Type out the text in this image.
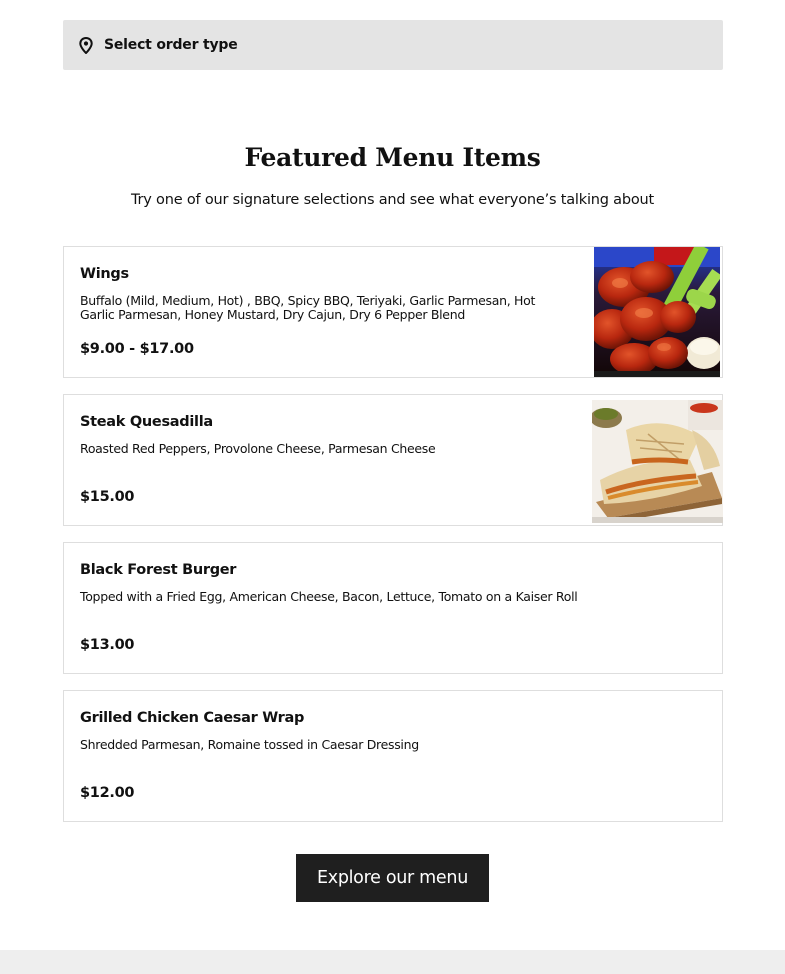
Select order type
Featured Menu Items

Try one of our signature selections and see what everyone’s talking about

Wings
Buffalo (Mild, Medium, Hot) , BBQ, Spicy BBQ, Teriyaki, Garlic Parmesan, Hot Garlic Parmesan, Honey Mustard, Dry Cajun, Dry 6 Pepper Blend
$9.00 - $17.00
Steak Quesadilla
Roasted Red Peppers, Provolone Cheese, Parmesan Cheese
$15.00
Black Forest Burger
Topped with a Fried Egg, American Cheese, Bacon, Lettuce, Tomato on a Kaiser Roll
$13.00
Grilled Chicken Caesar Wrap
Shredded Parmesan, Romaine tossed in Caesar Dressing
$12.00
Explore our menu
